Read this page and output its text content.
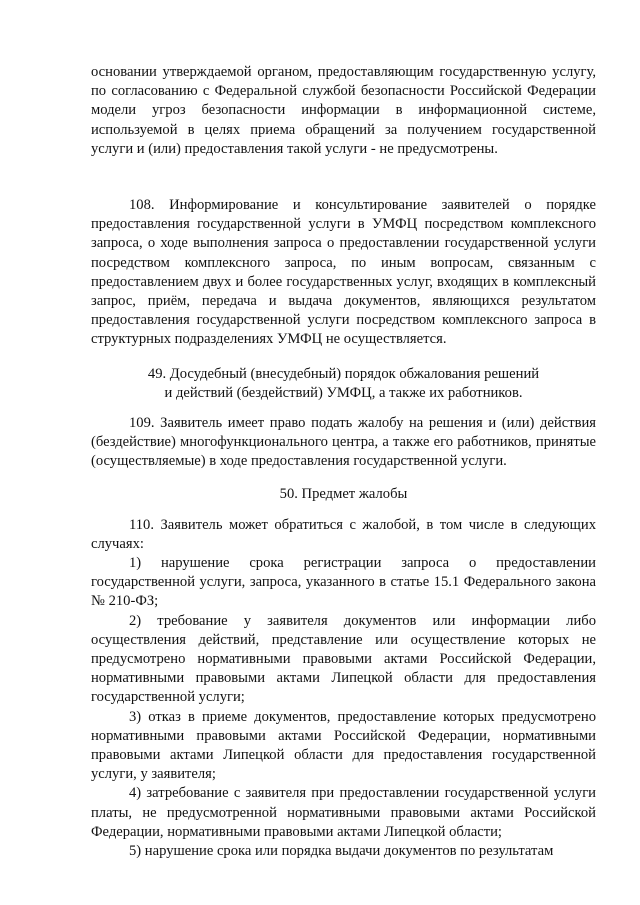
основании утверждаемой органом, предоставляющим государственную услугу, по согласованию с Федеральной службой безопасности Российской Федерации модели угроз безопасности информации в информационной системе, используемой в целях приема обращений за получением государственной услуги и (или) предоставления такой услуги - не предусмотрены.

108. Информирование и консультирование заявителей о порядке предоставления государственной услуги в УМФЦ посредством комплексного запроса, о ходе выполнения запроса о предоставлении государственной услуги посредством комплексного запроса, по иным вопросам, связанным с предоставлением двух и более государственных услуг, входящих в комплексный запрос, приём, передача и выдача документов, являющихся результатом предоставления государственной услуги посредством комплексного запроса в структурных подразделениях УМФЦ не осуществляется.

49. Досудебный (внесудебный) порядок обжалования решений
и действий (бездействий) УМФЦ, а также их работников.

109. Заявитель имеет право подать жалобу на решения и (или) действия (бездействие) многофункционального центра, а также его работников, принятые (осуществляемые) в ходе предоставления государственной услуги.

50. Предмет жалобы

110. Заявитель может обратиться с жалобой, в том числе в следующих случаях:

1) нарушение срока регистрации запроса о предоставлении государственной услуги, запроса, указанного в статье 15.1 Федерального закона № 210-ФЗ;
2) требование у заявителя документов или информации либо осуществления действий, представление или осуществление которых не предусмотрено нормативными правовыми актами Российской Федерации, нормативными правовыми актами Липецкой области для предоставления государственной услуги;
3) отказ в приеме документов, предоставление которых предусмотрено нормативными правовыми актами Российской Федерации, нормативными правовыми актами Липецкой области для предоставления государственной услуги, у заявителя;
4) затребование с заявителя при предоставлении государственной услуги платы, не предусмотренной нормативными правовыми актами Российской Федерации, нормативными правовыми актами Липецкой области;
5) нарушение срока или порядка выдачи документов по результатам
